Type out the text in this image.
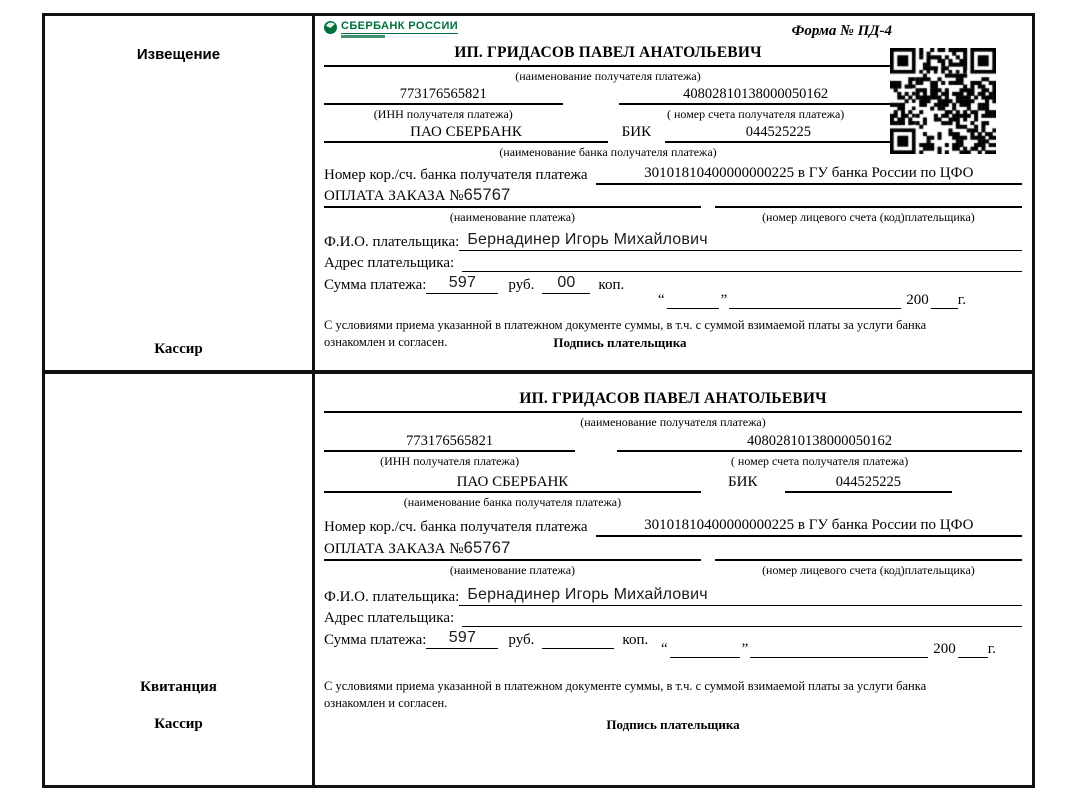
Извещение
Кассир
СБЕРБАНК РОССИИ	Форма № ПД-4
ИП. ГРИДАСОВ ПАВЕЛ АНАТОЛЬЕВИЧ
(наименование получателя платежа)
773176565821	40802810138000050162
(ИНН получателя платежа)	( номер счета получателя платежа)
ПАО СБЕРБАНК	БИК	044525225
(наименование банка получателя платежа)
Номер кор./сч. банка получателя платежа	30101810400000000225 в ГУ банка России по ЦФО
ОПЛАТА ЗАКАЗА №65767
(наименование платежа)	(номер лицевого счета (код)плательщика)
Ф.И.О. плательщика: Бернадинер Игорь Михайлович
Адрес плательщика:
Сумма платежа:	597	руб.	00	коп.
“	”	200 г.
С условиями приема указанной в платежном документе суммы, в т.ч. с суммой взимаемой платы за услуги банка
ознакомлен и согласен.	Подпись плательщика
Квитанция
Кассир
ИП. ГРИДАСОВ ПАВЕЛ АНАТОЛЬЕВИЧ
(наименование получателя платежа)
773176565821	40802810138000050162
(ИНН получателя платежа)	( номер счета получателя платежа)
ПАО СБЕРБАНК	БИК	044525225
(наименование банка получателя платежа)
Номер кор./сч. банка получателя платежа	30101810400000000225 в ГУ банка России по ЦФО
ОПЛАТА ЗАКАЗА №65767
(наименование платежа)	(номер лицевого счета (код)плательщика)
Ф.И.О. плательщика: Бернадинер Игорь Михайлович
Адрес плательщика:
Сумма платежа:	597	руб.	коп.
“	”	200 г.
С условиями приема указанной в платежном документе суммы, в т.ч. с суммой взимаемой платы за услуги банка
ознакомлен и согласен.
Подпись плательщика
